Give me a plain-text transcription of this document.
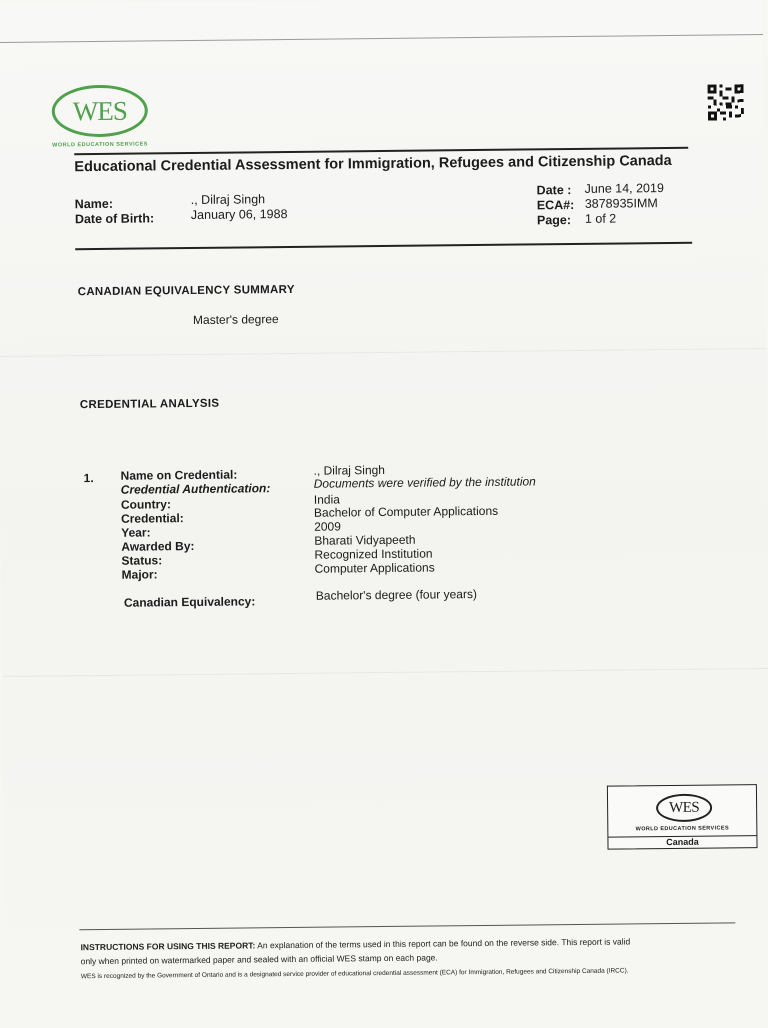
WES
WORLD EDUCATION SERVICES
Educational Credential Assessment for Immigration, Refugees and Citizenship Canada
Name:	., Dilraj Singh
Date of Birth:	January 06, 1988
Date : June 14, 2019
ECA#: 3878935IMM
Page: 1 of 2
CANADIAN EQUIVALENCY SUMMARY
Master's degree
CREDENTIAL ANALYSIS
1. Name on Credential:	., Dilraj Singh
Credential Authentication:	Documents were verified by the institution
Country:	India
Credential:	Bachelor of Computer Applications
Year:	2009
Awarded By:	Bharati Vidyapeeth
Status:	Recognized Institution
Major:	Computer Applications
Canadian Equivalency:	Bachelor's degree (four years)
WES
WORLD EDUCATION SERVICES
Canada
INSTRUCTIONS FOR USING THIS REPORT: An explanation of the terms used in this report can be found on the reverse side. This report is valid
only when printed on watermarked paper and sealed with an official WES stamp on each page.
WES is recognized by the Government of Ontario and is a designated service provider of educational credential assessment (ECA) for Immigration, Refugees and Citizenship Canada (IRCC).
